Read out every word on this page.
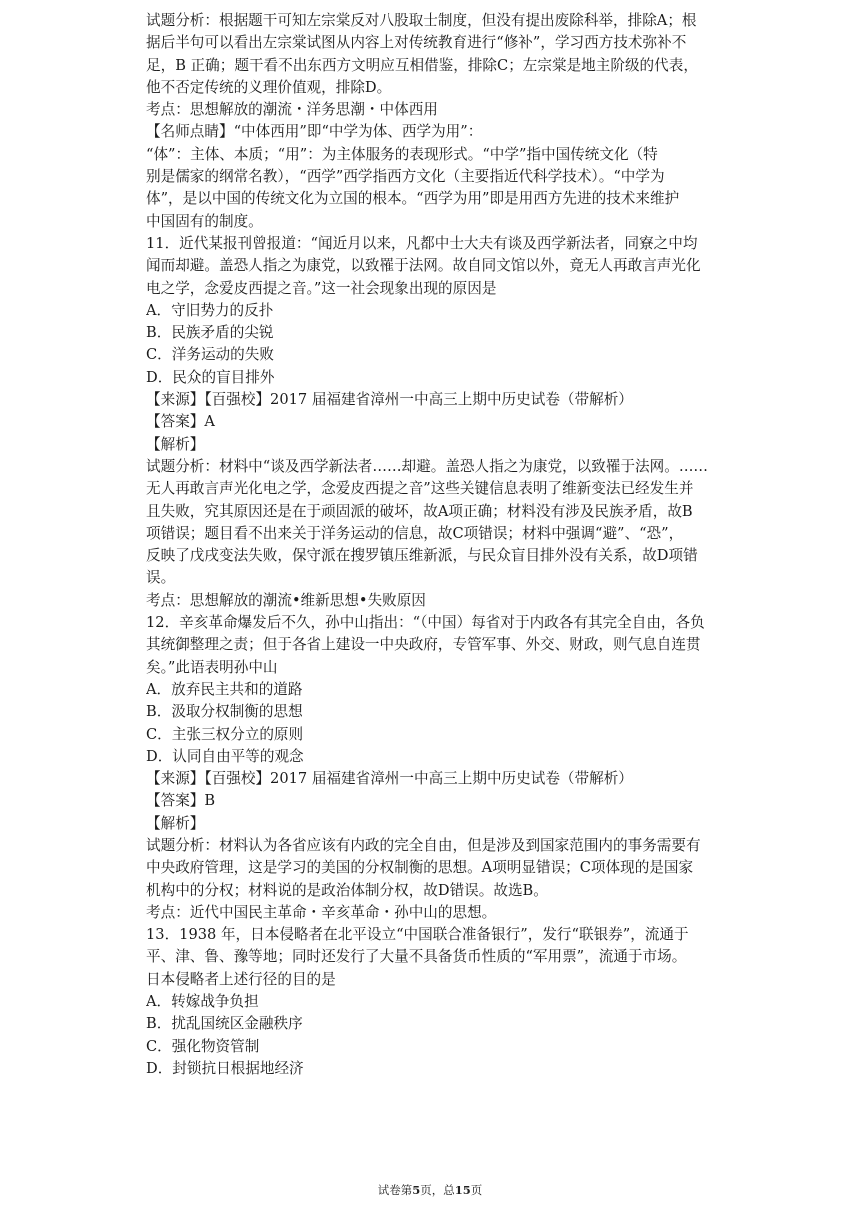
试题分析：根据题干可知左宗棠反对八股取士制度，但没有提出废除科举，排除A；根
据后半句可以看出左宗棠试图从内容上对传统教育进行“修补”，学习西方技术弥补不
足，B 正确；题干看不出东西方文明应互相借鉴，排除C；左宗棠是地主阶级的代表，
他不否定传统的义理价值观，排除D。
考点：思想解放的潮流・洋务思潮・中体西用
【名师点睛】“中体西用”即“中学为体、西学为用”：
“体”：主体、本质；“用”：为主体服务的表现形式。“中学”指中国传统文化（特
别是儒家的纲常名教），“西学”西学指西方文化（主要指近代科学技术）。“中学为
体”，是以中国的传统文化为立国的根本。“西学为用”即是用西方先进的技术来维护
中国固有的制度。
11．近代某报刊曾报道：“闻近月以来，凡都中士大夫有谈及西学新法者，同寮之中均
闻而却避。盖恐人指之为康党，以致罹于法网。故自同文馆以外，竟无人再敢言声光化
电之学，念爱皮西提之音。”这一社会现象出现的原因是
A．守旧势力的反扑
B．民族矛盾的尖锐
C．洋务运动的失败
D．民众的盲目排外
【来源】【百强校】2017 届福建省漳州一中高三上期中历史试卷（带解析）
【答案】A
【解析】
试题分析：材料中“谈及西学新法者……却避。盖恐人指之为康党，以致罹于法网。……
无人再敢言声光化电之学，念爱皮西提之音”这些关键信息表明了维新变法已经发生并
且失败，究其原因还是在于顽固派的破坏，故A项正确；材料没有涉及民族矛盾，故B
项错误；题目看不出来关于洋务运动的信息，故C项错误；材料中强调“避”、“恐”，
反映了戊戌变法失败，保守派在搜罗镇压维新派，与民众盲目排外没有关系，故D项错
误。
考点：思想解放的潮流•维新思想•失败原因
12．辛亥革命爆发后不久，孙中山指出：“（中国）每省对于内政各有其完全自由，各负
其统御整理之责；但于各省上建设一中央政府，专管军事、外交、财政，则气息自连贯
矣。”此语表明孙中山
A．放弃民主共和的道路
B．汲取分权制衡的思想
C．主张三权分立的原则
D．认同自由平等的观念
【来源】【百强校】2017 届福建省漳州一中高三上期中历史试卷（带解析）
【答案】B
【解析】
试题分析：材料认为各省应该有内政的完全自由，但是涉及到国家范围内的事务需要有
中央政府管理，这是学习的美国的分权制衡的思想。A项明显错误；C项体现的是国家
机构中的分权；材料说的是政治体制分权，故D错误。故选B。
考点：近代中国民主革命・辛亥革命・孙中山的思想。
13．1938 年，日本侵略者在北平设立“中国联合准备银行”，发行“联银券”，流通于
平、津、鲁、豫等地；同时还发行了大量不具备货币性质的“军用票”，流通于市场。
日本侵略者上述行径的目的是
A．转嫁战争负担
B．扰乱国统区金融秩序
C．强化物资管制
D．封锁抗日根据地经济
试卷第5页，总15页
